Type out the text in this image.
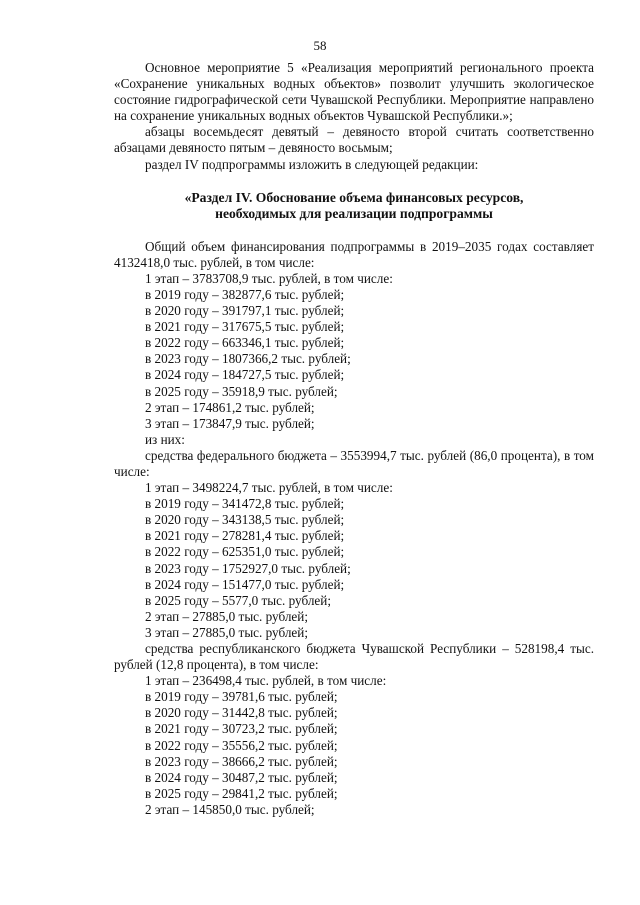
58

Основное мероприятие 5 «Реализация мероприятий регионального проекта «Сохранение уникальных водных объектов» позволит улучшить экологическое состояние гидрографической сети Чувашской Республики. Мероприятие направлено на сохранение уникальных водных объектов Чувашской Республики.»;

абзацы восемьдесят девятый – девяносто второй считать соответственно абзацами девяносто пятым – девяносто восьмым;

раздел IV подпрограммы изложить в следующей редакции:

«Раздел IV. Обоснование объема финансовых ресурсов,
необходимых для реализации подпрограммы

Общий объем финансирования подпрограммы в 2019–2035 годах составляет 4132418,0 тыс. рублей, в том числе:

1 этап – 3783708,9 тыс. рублей, в том числе:
в 2019 году – 382877,6 тыс. рублей;
в 2020 году – 391797,1 тыс. рублей;
в 2021 году – 317675,5 тыс. рублей;
в 2022 году – 663346,1 тыс. рублей;
в 2023 году – 1807366,2 тыс. рублей;
в 2024 году – 184727,5 тыс. рублей;
в 2025 году – 35918,9 тыс. рублей;
2 этап – 174861,2 тыс. рублей;
3 этап – 173847,9 тыс. рублей;
из них:

средства федерального бюджета – 3553994,7 тыс. рублей (86,0 процента), в том числе:

1 этап – 3498224,7 тыс. рублей, в том числе:
в 2019 году – 341472,8 тыс. рублей;
в 2020 году – 343138,5 тыс. рублей;
в 2021 году – 278281,4 тыс. рублей;
в 2022 году – 625351,0 тыс. рублей;
в 2023 году – 1752927,0 тыс. рублей;
в 2024 году – 151477,0 тыс. рублей;
в 2025 году – 5577,0 тыс. рублей;
2 этап – 27885,0 тыс. рублей;
3 этап – 27885,0 тыс. рублей;

средства республиканского бюджета Чувашской Республики – 528198,4 тыс. рублей (12,8 процента), в том числе:

1 этап – 236498,4 тыс. рублей, в том числе:
в 2019 году – 39781,6 тыс. рублей;
в 2020 году – 31442,8 тыс. рублей;
в 2021 году – 30723,2 тыс. рублей;
в 2022 году – 35556,2 тыс. рублей;
в 2023 году – 38666,2 тыс. рублей;
в 2024 году – 30487,2 тыс. рублей;
в 2025 году – 29841,2 тыс. рублей;
2 этап – 145850,0 тыс. рублей;
